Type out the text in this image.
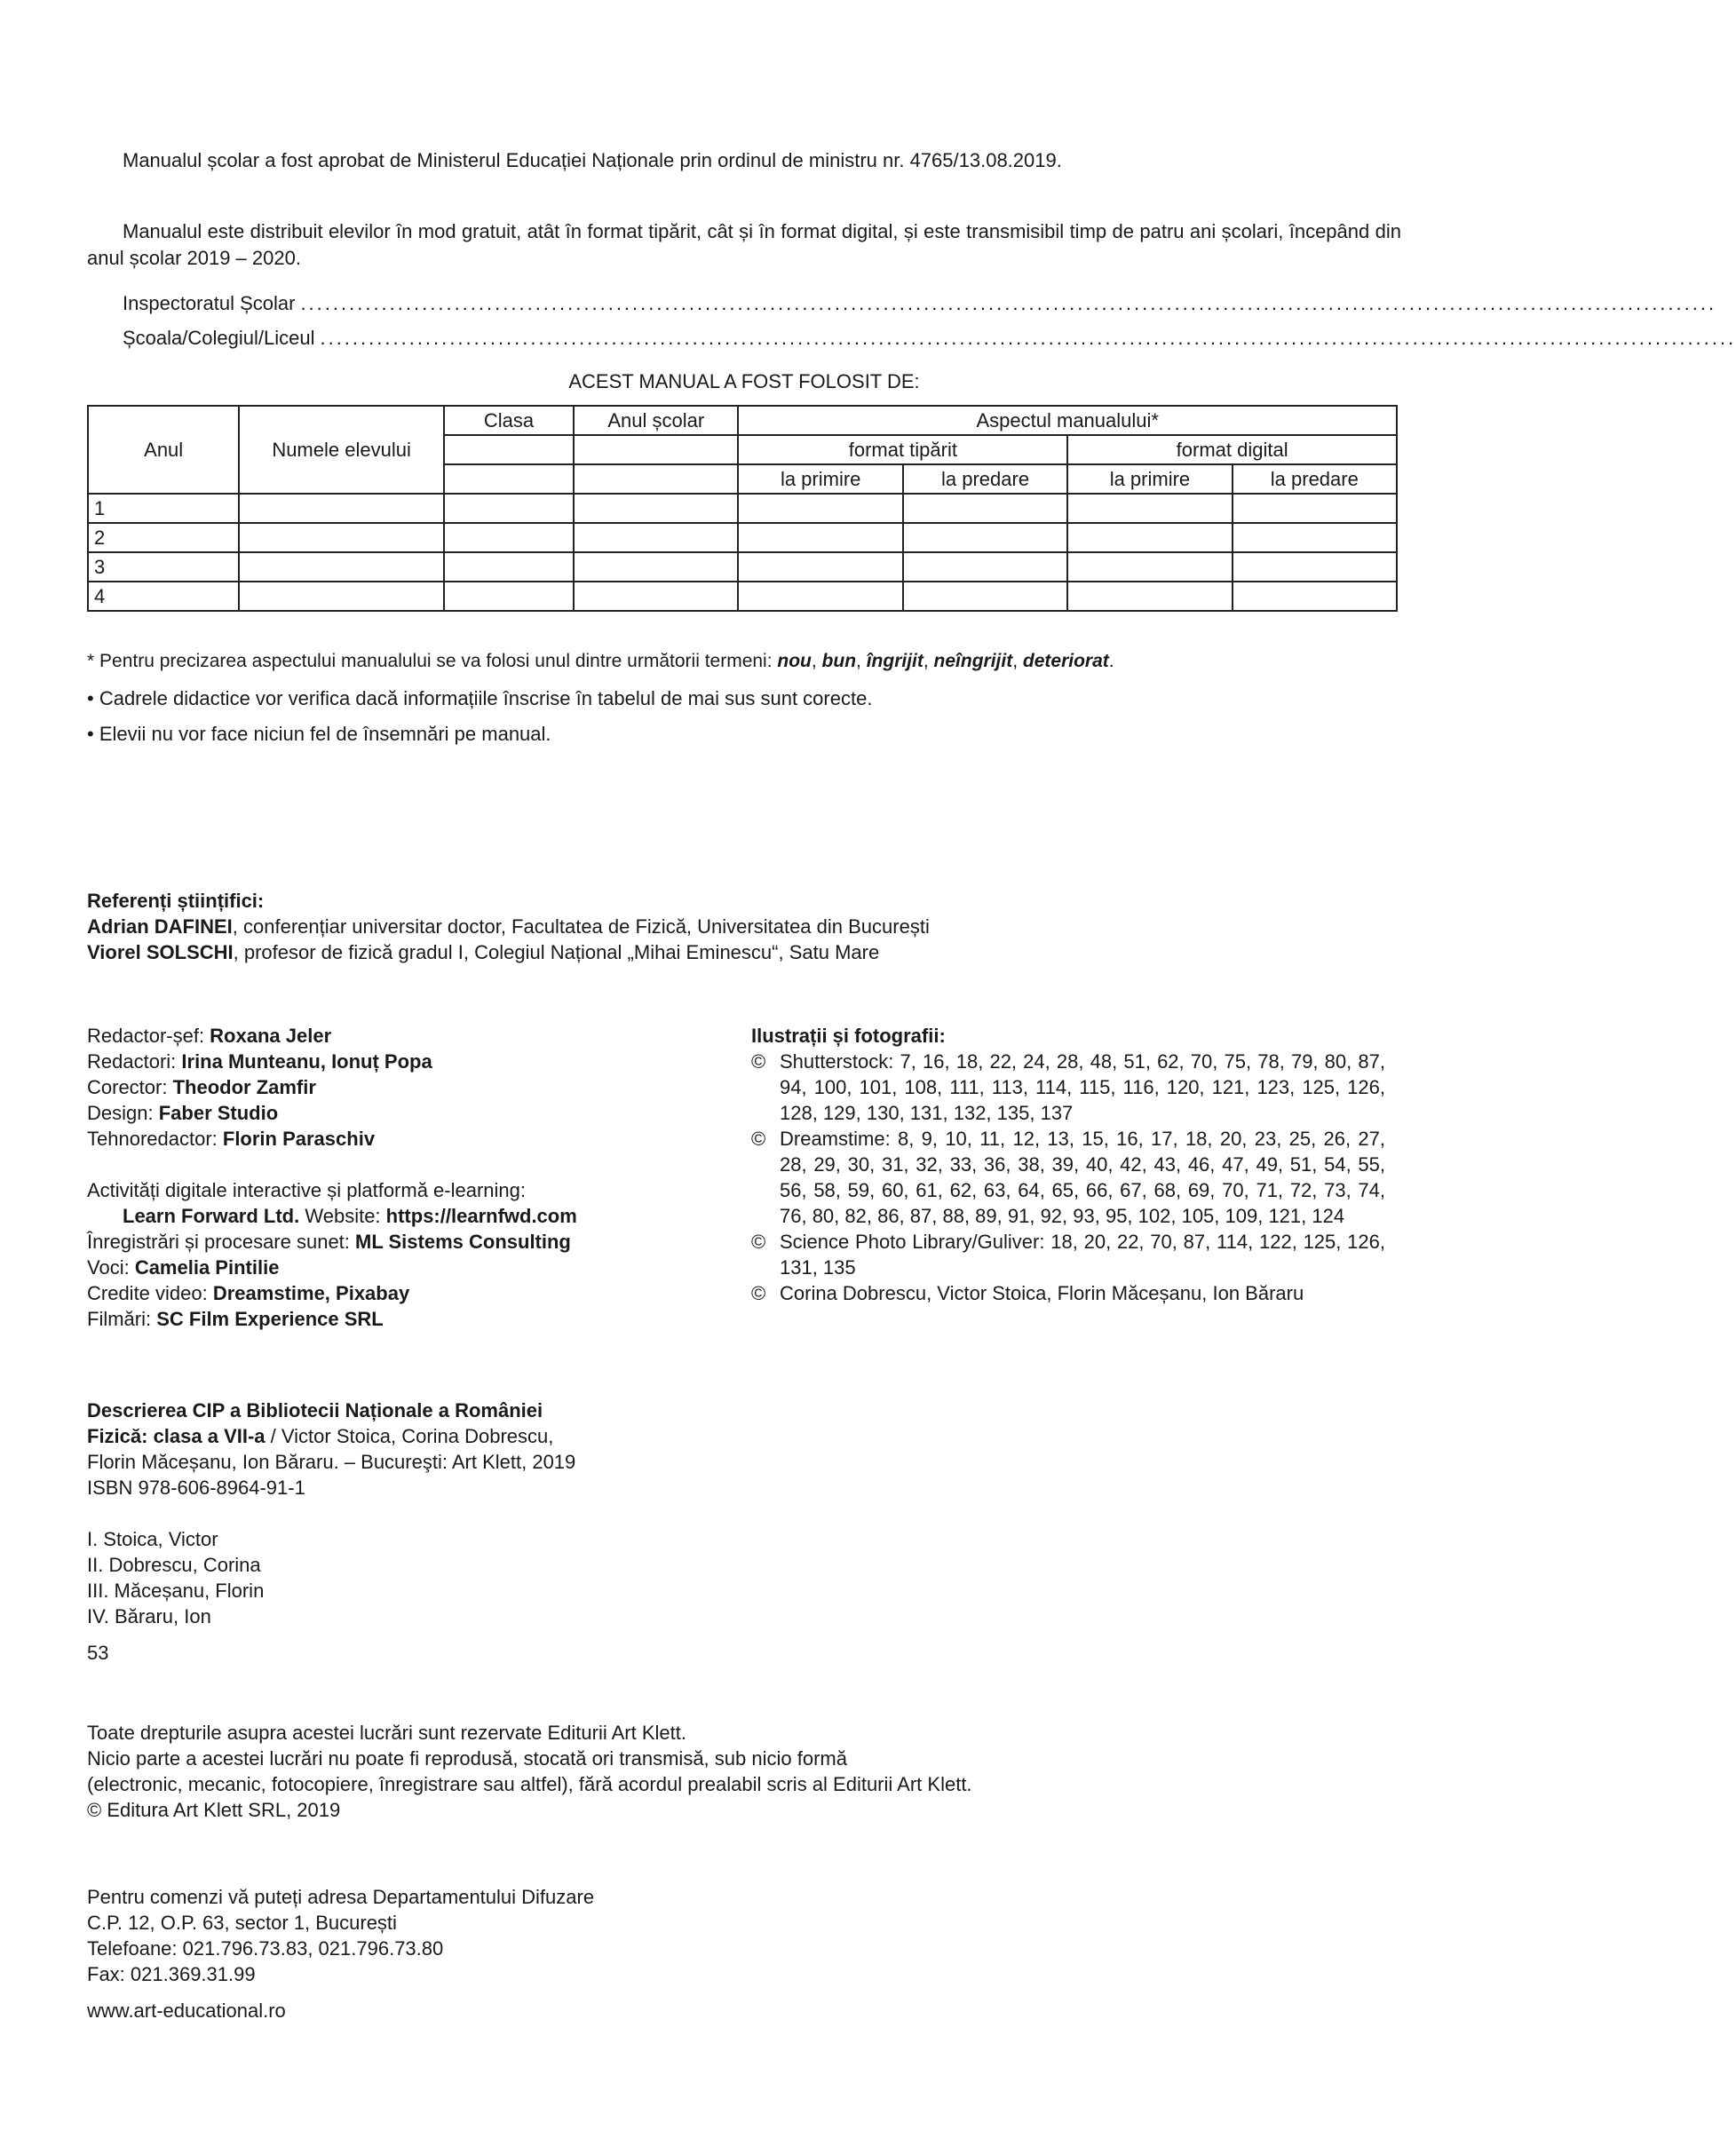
Manualul școlar a fost aprobat de Ministerul Educației Naționale prin ordinul de ministru nr. 4765/13.08.2019.
Manualul este distribuit elevilor în mod gratuit, atât în format tipărit, cât și în format digital, și este transmisibil timp de patru ani școlari, începând din anul școlar 2019 – 2020.
Inspectoratul Școlar ...............................................................................................................................................................................
Școala/Colegiul/Liceul ...............................................................................................................................................................................
ACEST MANUAL A FOST FOLOSIT DE:
Anul	Numele elevului	Clasa	Anul școlar	Aspectul manualului*			
				format tipărit		format digital	
				la primire	la predare	la primire	la predare
1							
2							
3							
4							
* Pentru precizarea aspectului manualului se va folosi unul dintre următorii termeni: nou, bun, îngrijit, neîngrijit, deteriorat.
• Cadrele didactice vor verifica dacă informațiile înscrise în tabelul de mai sus sunt corecte.
• Elevii nu vor face niciun fel de însemnări pe manual.
Referenți științifici:
Adrian DAFINEI, conferențiar universitar doctor, Facultatea de Fizică, Universitatea din București
Viorel SOLSCHI, profesor de fizică gradul I, Colegiul Național „Mihai Eminescu“, Satu Mare
Redactor-șef: Roxana Jeler
Redactori: Irina Munteanu, Ionuț Popa
Corector: Theodor Zamfir
Design: Faber Studio
Tehnoredactor: Florin Paraschiv
Activități digitale interactive și platformă e-learning:
Learn Forward Ltd. Website: https://learnfwd.com
Înregistrări și procesare sunet: ML Sistems Consulting
Voci: Camelia Pintilie
Credite video: Dreamstime, Pixabay
Filmări: SC Film Experience SRL
Ilustrații și fotografii:
© Shutterstock: 7, 16, 18, 22, 24, 28, 48, 51, 62, 70, 75, 78, 79, 80, 87, 94, 100, 101, 108, 111, 113, 114, 115, 116, 120, 121, 123, 125, 126, 128, 129, 130, 131, 132, 135, 137
© Dreamstime: 8, 9, 10, 11, 12, 13, 15, 16, 17, 18, 20, 23, 25, 26, 27, 28, 29, 30, 31, 32, 33, 36, 38, 39, 40, 42, 43, 46, 47, 49, 51, 54, 55, 56, 58, 59, 60, 61, 62, 63, 64, 65, 66, 67, 68, 69, 70, 71, 72, 73, 74, 76, 80, 82, 86, 87, 88, 89, 91, 92, 93, 95, 102, 105, 109, 121, 124
© Science Photo Library/Guliver: 18, 20, 22, 70, 87, 114, 122, 125, 126, 131, 135
© Corina Dobrescu, Victor Stoica, Florin Măceșanu, Ion Băraru
Descrierea CIP a Bibliotecii Naționale a României
Fizică: clasa a VII-a / Victor Stoica, Corina Dobrescu,
Florin Măceșanu, Ion Băraru. – Bucureşti: Art Klett, 2019
ISBN 978-606-8964-91-1
I. Stoica, Victor
II. Dobrescu, Corina
III. Măceșanu, Florin
IV. Băraru, Ion
53
Toate drepturile asupra acestei lucrări sunt rezervate Editurii Art Klett.
Nicio parte a acestei lucrări nu poate fi reprodusă, stocată ori transmisă, sub nicio formă
(electronic, mecanic, fotocopiere, înregistrare sau altfel), fără acordul prealabil scris al Editurii Art Klett.
© Editura Art Klett SRL, 2019
Pentru comenzi vă puteți adresa Departamentului Difuzare
C.P. 12, O.P. 63, sector 1, București
Telefoane: 021.796.73.83, 021.796.73.80
Fax: 021.369.31.99
www.art-educational.ro
